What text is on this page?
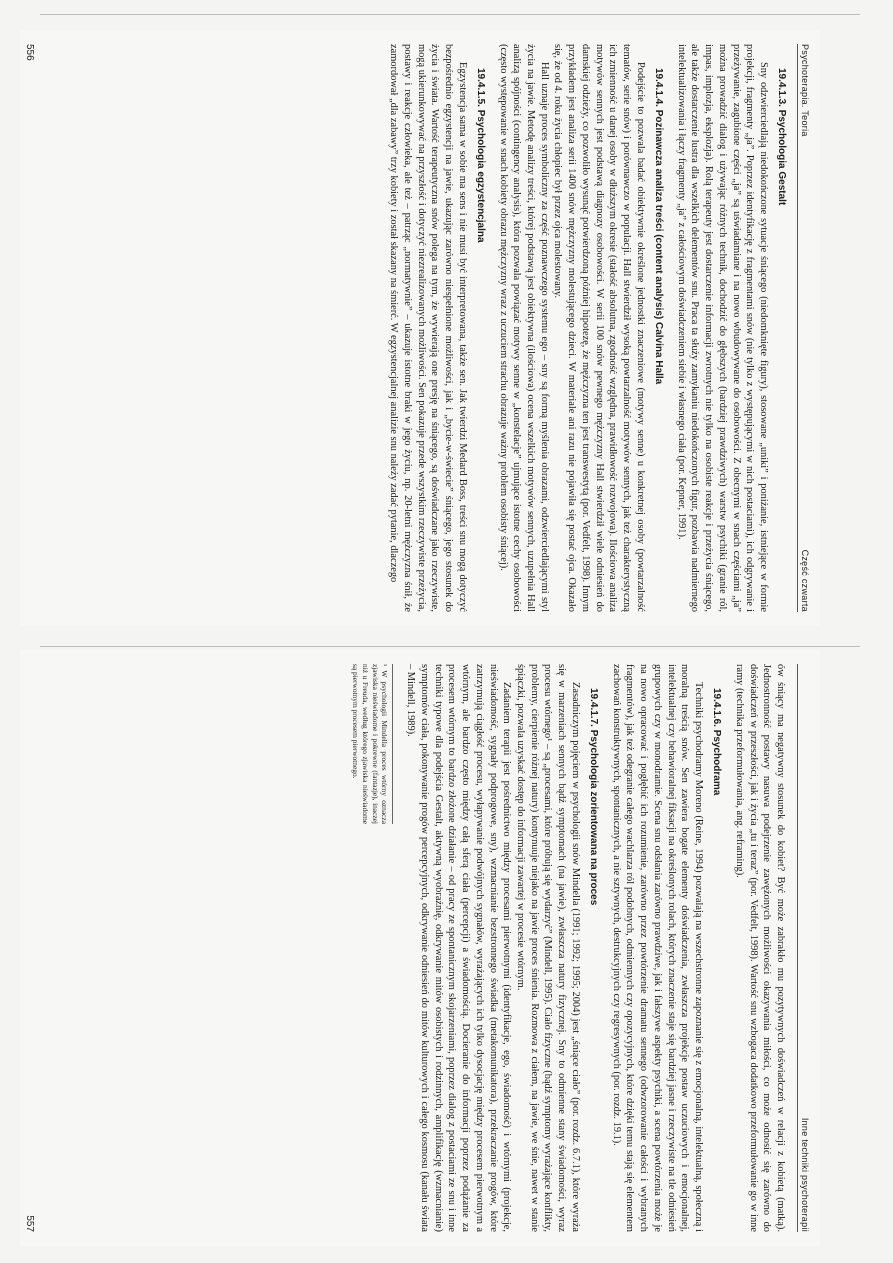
Psychoterapia. Teoria
Część czwarta
19.4.1.3. Psychologia Gestalt

Sny odzwierciedlają niedokończone sytuacje śniącego (niedomknięte figury), stosowane „uniki” i poniżanie, istniejące w formie projekcji, fragmenty „ja”. Poprzez identyfikację z fragmentami snów (nie tylko z występującymi w nich postaciami), ich odgrywanie i przeżywanie, zagubione części „ja” są uświadamiane i na nowo wbudowywane do osobowości. Z obecnymi w snach częściami „ja” można prowadzić dialog i używając różnych technik, dochodzić do głębszych (bardziej prawdziwych) warstw psychiki (granie ról, impas, implozja, eksplozja). Rolą terapeuty jest dostarczenie informacji zwrotnych nie tylko na osobiste reakcje i przeżycia śniącego, ale także dostarczenie lustra dla wszelkich delementów snu. Praca ta służy zamykaniu niedokończonych figur, pozbawia nadmiernego intelektualizowania i łączy fragmenty „ja” z całościowym doświadczeniem siebie i własnego ciała (por. Kepner, 1991).

19.4.1.4. Pozinawcza analiza treści (content analysis) Calvina Halla

Podejście to pozwala badać obiektywnie określone jednostki znaczeniowe (motywy senne) u konkretnej osoby (powtarzalność tematów, serie snów) i porównawczo w populacji. Hall stwierdził wysoką powtarzalność motywów sennych, jak też charakterystyczną ich zmienność u danej osoby w dłuższym okresie (stałość absolutna, zgodność względna, prawidłowość rozwojowa). Ilościowa analiza motywów sennych jest podstawą diagnozy osobowości. W serii 100 snów pewnego mężczyzny Hall stwierdził wiele odniesień do damskiej odzieży, co pozwoliło wysunąć potwierdzoną później hipotezę, że mężczyzna ten jest transwestytą (por. Vedfelt, 1998). Innym przykładem jest analiza serii 1400 snów mężczyzny molestującego dzieci. W materiale ani razu nie pojawiła się postać ojca. Okazało się, że od 4. roku życia chłopiec był przez ojca molestowany.

Hall uznaje proces symboliczny za część poznawczego systemu ego – sny są formą myślenia obrazami, odzwierciedlającymi styl życia na jawie. Metodę analizy treści, której podstawą jest obiektywna (ilościowa) ocena wszelkich motywów sennych, uzupełnia Hall analizą spójności (contingency analysis), która pozwala powiązać motywy senne w „konstelacje” ujmujące istotne cechy osobowości (często występowanie w snach kobiety obrazu mężczyzny wraz z uczuciem strachu obrazuje ważny problem osobisty śniącej).

19.4.1.5. Psychologia egzystencjalna

Egzystencja sama w sobie ma sens i nie musi być interpretowana, także sen. Jak twierdzi Medard Boss, treści snu mogą dotyczyć bezpośrednio egzystencji na jawie, ukazując zarówno niespełnione możliwości, jak i „bycie-w-świecie” śniącego, jego stosunek do życia i świata. Wartość terapeutyczna snów polega na tym, że wywierają one presję na śniącego, są doświadczane jako rzeczywiste, mogą ukierunkowywać na przyszłość i dotyczyć niezrealizowanych możliwości. Sen pokazuje przede wszystkim rzeczywiste przeżycia, postawy i reakcje człowieka, ale też – patrząc „normatywnie” – ukazuje istotne braki w jego życiu, np. 20-letni mężczyzna śnił, że zamordował „dla zabawy” trzy kobiety i został skazany na śmierć. W egzystencjalnej analizie snu należy zadać pytanie, dlaczego

556
Inne techniki psychoterapii

ów śniący ma negatywny stosunek do kobiet? Być może zabrakło mu pozytywnych doświadczeń w relacji z kobietą (matką). Jednostronność postawy nasuwa podejrzenie zawężonych możliwości okazywania miłości, co może odnosić się zarówno do doświadczeń w przeszłości, jak i życia „tu i teraz” (por. Vedfelt, 1998). Wartość snu wzbogaca dodatkowo przeformułowanie go w inne ramy (technika przeformułowania, ang. reframing).

19.4.1.6. Psychodrama

Techniki psychodramy Moreno (Reine, 1994) pozwalają na wszechstronne zapoznanie się z emocjonalną, intelektualną, społeczną i moralną treścią snów. Sen zawiera bogate elementy doświadczenia, zwłaszcza projekcje postaw uczuciowych i emocjonalnej, intelektualnej czy behawioralnej fiksacji na określonych rolach, których znaczenie staje się bardziej jasne i rzeczywiste na tle odniesień grupowych czy w monodramie. Scena snu odsłania zarówno prawdziwe, jak i fałszywe aspekty psychiki, a scena powtórzenia może je na nowo opracować i pogłębić ich rozumienie, zarówno przez powtórzenie dramatu sennego (odwzorowanie całości i wybranych fragmentów), jak też odegranie całego wachlarza ról podobnych, odmiennych czy opozycyjnych, które dzięki temu stają się elementem zachowań konstruktywnych, spontanicznych, a nie sztywnych, destrukcyjnych czy regresywnych (por. rozdz. 19.1).

19.4.1.7. Psychologia zorientowana na proces

Zasadniczym pojęciem w psychologii snów Mindella (1991; 1992; 1995; 2004) jest „śniące ciało” (por. rozdz. 6.7.1), które wyraża się w marzeniach sennych bądź symptomach (na jawie), zwłaszcza natury fizycznej. Sny to odmienne stany świadomości, wyraz procesu wtórnego¹ – są „procesami, które próbują się wydarzyć” (Mindell, 1995). Ciało fizyczne (bądź symptomy wyrażające konflikty, problemy, cierpienie różnej natury) kontynuuje niejako na jawie proces śnienia. Rozmowa z ciałem, na jawie, we śnie, nawet w stanie śpiączki, pozwala uzyskać dostęp do informacji zawartej w procesie wtórnym.

Zadaniem terapii jest pośrednictwo między procesami pierwotnymi (identyfikacje, ego, świadomość) i wtórnymi (projekcje, nieświadomość, sygnały podprogowe, sny), wzmacnianie bezstronnego świadka (metakomunikatora), przekraczanie progów, które zatrzymują ciągłość procesu, wyłapywanie podwójnych sygnałów, wyrażających ich tylko dysocjację między procesem pierwotnym a wtórnym, ale bardzo często między całą sferą ciała (percepcji) a świadomością. Docieranie do informacji poprzez podążanie za procesem wtórnym to bardzo złożone działanie – od pracy ze spontanicznym skojarzeniami, poprzez dialog z postaciami ze snu i inne techniki typowe dla podejścia Gestalt, aktywną wyobraźnię, odkrywanie mitów osobistych i rodzinnych, amplifikację (wzmacnianie) symptomów ciała, pokonywanie progów percepcyjnych, odkrywanie odniesień do mitów kulturowych i całego kosmosu (kanału świata – Mindell, 1989).

¹ W psychologii Mindella proces wtórny oznacza zjawiska nieświadome i pokrewne (fantazje), inaczej niż u Freuda, według którego zjawiska nieświadome są pierwotnym procesem pierwotnego.

557
